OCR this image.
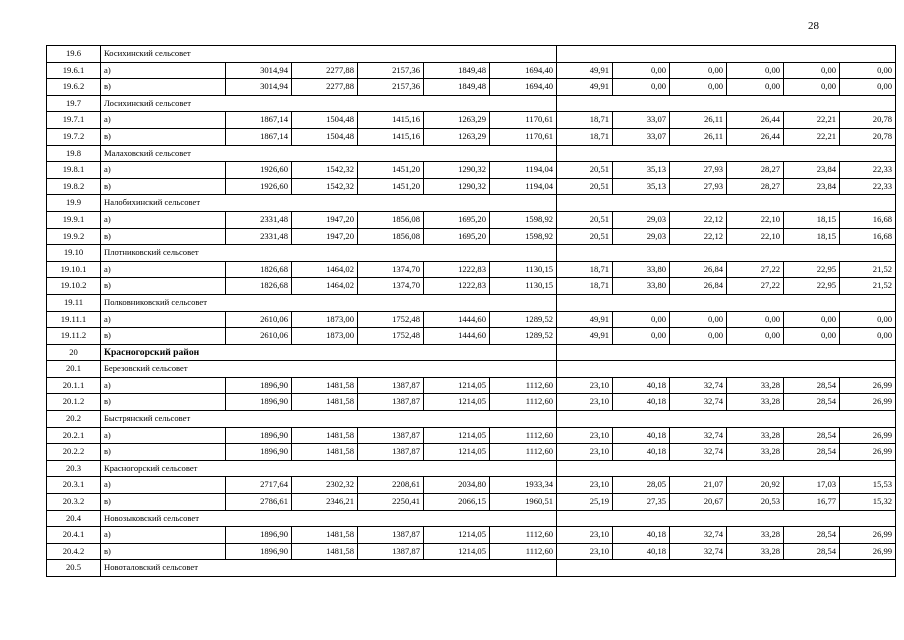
28
19.6	Косихинский сельсовет											
19.6.1	а)	3014,94	2277,88	2157,36	1849,48	1694,40	49,91	0,00	0,00	0,00	0,00	0,00
19.6.2	в)	3014,94	2277,88	2157,36	1849,48	1694,40	49,91	0,00	0,00	0,00	0,00	0,00
19.7	Лосихинский сельсовет											
19.7.1	а)	1867,14	1504,48	1415,16	1263,29	1170,61	18,71	33,07	26,11	26,44	22,21	20,78
19.7.2	в)	1867,14	1504,48	1415,16	1263,29	1170,61	18,71	33,07	26,11	26,44	22,21	20,78
19.8	Малаховский сельсовет											
19.8.1	а)	1926,60	1542,32	1451,20	1290,32	1194,04	20,51	35,13	27,93	28,27	23,84	22,33
19.8.2	в)	1926,60	1542,32	1451,20	1290,32	1194,04	20,51	35,13	27,93	28,27	23,84	22,33
19.9	Налобихинский сельсовет											
19.9.1	а)	2331,48	1947,20	1856,08	1695,20	1598,92	20,51	29,03	22,12	22,10	18,15	16,68
19.9.2	в)	2331,48	1947,20	1856,08	1695,20	1598,92	20,51	29,03	22,12	22,10	18,15	16,68
19.10	Плотниковский сельсовет											
19.10.1	а)	1826,68	1464,02	1374,70	1222,83	1130,15	18,71	33,80	26,84	27,22	22,95	21,52
19.10.2	в)	1826,68	1464,02	1374,70	1222,83	1130,15	18,71	33,80	26,84	27,22	22,95	21,52
19.11	Полковниковский сельсовет											
19.11.1	а)	2610,06	1873,00	1752,48	1444,60	1289,52	49,91	0,00	0,00	0,00	0,00	0,00
19.11.2	в)	2610,06	1873,00	1752,48	1444,60	1289,52	49,91	0,00	0,00	0,00	0,00	0,00
20	Красногорский район											
20.1	Березовский сельсовет											
20.1.1	а)	1896,90	1481,58	1387,87	1214,05	1112,60	23,10	40,18	32,74	33,28	28,54	26,99
20.1.2	в)	1896,90	1481,58	1387,87	1214,05	1112,60	23,10	40,18	32,74	33,28	28,54	26,99
20.2	Быстрянский сельсовет											
20.2.1	а)	1896,90	1481,58	1387,87	1214,05	1112,60	23,10	40,18	32,74	33,28	28,54	26,99
20.2.2	в)	1896,90	1481,58	1387,87	1214,05	1112,60	23,10	40,18	32,74	33,28	28,54	26,99
20.3	Красногорский сельсовет											
20.3.1	а)	2717,64	2302,32	2208,61	2034,80	1933,34	23,10	28,05	21,07	20,92	17,03	15,53
20.3.2	в)	2786,61	2346,21	2250,41	2066,15	1960,51	25,19	27,35	20,67	20,53	16,77	15,32
20.4	Новозыковский сельсовет											
20.4.1	а)	1896,90	1481,58	1387,87	1214,05	1112,60	23,10	40,18	32,74	33,28	28,54	26,99
20.4.2	в)	1896,90	1481,58	1387,87	1214,05	1112,60	23,10	40,18	32,74	33,28	28,54	26,99
20.5	Новоталовский сельсовет											
